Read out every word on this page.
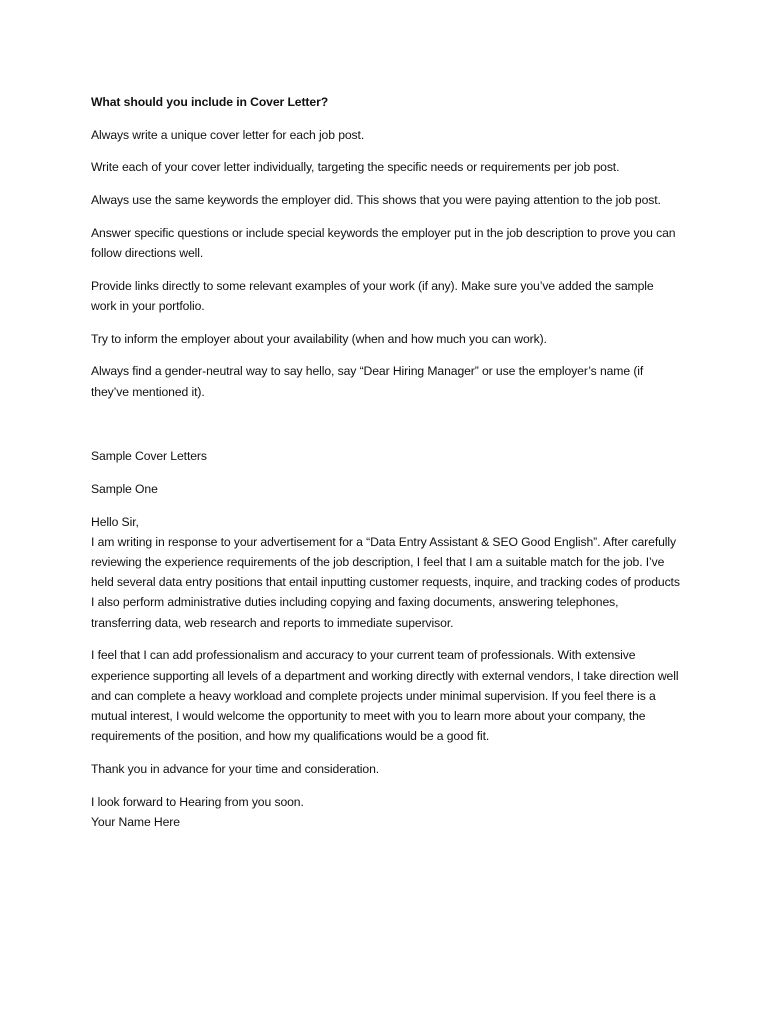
What should you include in Cover Letter?

Always write a unique cover letter for each job post.

Write each of your cover letter individually, targeting the specific needs or requirements per job post.

Always use the same keywords the employer did. This shows that you were paying attention to the job post.

Answer specific questions or include special keywords the employer put in the job description to prove you can follow directions well.

Provide links directly to some relevant examples of your work (if any). Make sure you’ve added the sample work in your portfolio.

Try to inform the employer about your availability (when and how much you can work).

Always find a gender-neutral way to say hello, say “Dear Hiring Manager” or use the employer’s name (if they’ve mentioned it).

Sample Cover Letters

Sample One

Hello Sir,
I am writing in response to your advertisement for a “Data Entry Assistant & SEO Good English”. After carefully reviewing the experience requirements of the job description, I feel that I am a suitable match for the job. I’ve held several data entry positions that entail inputting customer requests, inquire, and tracking codes of products I also perform administrative duties including copying and faxing documents, answering telephones, transferring data, web research and reports to immediate supervisor.

I feel that I can add professionalism and accuracy to your current team of professionals. With extensive experience supporting all levels of a department and working directly with external vendors, I take direction well and can complete a heavy workload and complete projects under minimal supervision. If you feel there is a mutual interest, I would welcome the opportunity to meet with you to learn more about your company, the requirements of the position, and how my qualifications would be a good fit.

Thank you in advance for your time and consideration.

I look forward to Hearing from you soon.
Your Name Here
